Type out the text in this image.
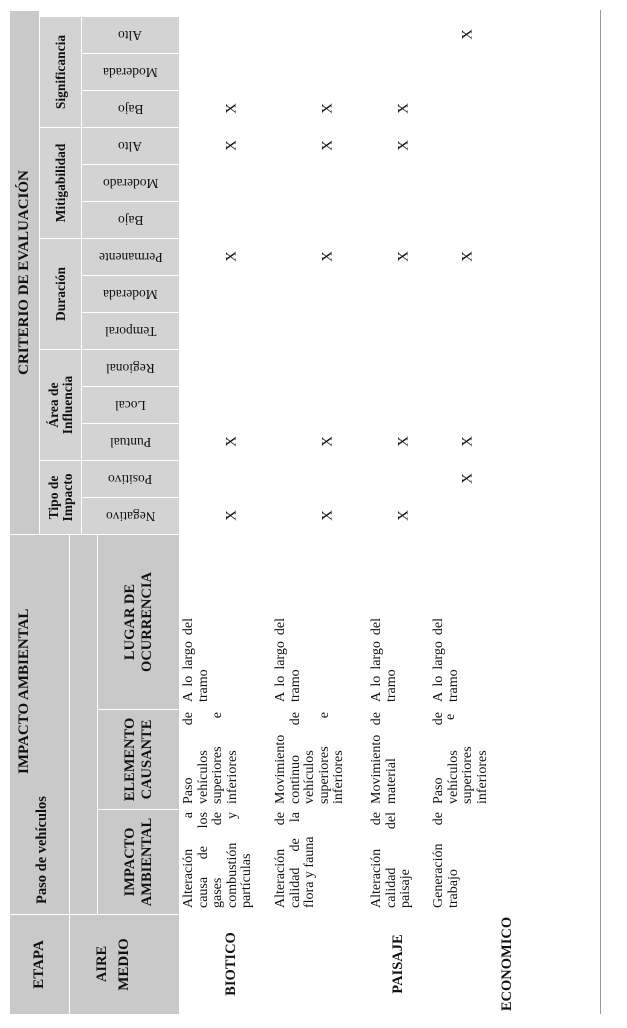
ETAPA
IMPACTO AMBIENTAL
Paso de vehículos
CRITERIO DE EVALUACIÓN
MEDIO
IMPACTO AMBIENTAL
ELEMENTO CAUSANTE
LUGAR DE OCURRENCIA
Tipo de Impacto	Negativo
Positivo
Área de Influencia
Puntual
Local
Regional
Duración
Temporal
Moderada
Permanente
Mitigabilidad	Bajo
Moderado
Alto
Significancia
Bajo
Moderada
Alto
AIRE
Alteración a causa de los gases de combustión y partículas
Paso de vehículos superiores e inferiores
A lo largo del tramo
X
X
X
X
X
BIOTICO
Alteración de calidad de la flora y fauna
Movimiento continuo de vehículos superiores e inferiores
A lo largo del tramo
X
X
X
X
X
PAISAJE
Alteración de calidad del paisaje
Movimiento de material
A lo largo del tramo
X
X
X
X
X
ECONOMICO
Generación de trabajo
Paso de vehículos superiores inferiores
e
A lo largo del tramo
X
X
X
X
